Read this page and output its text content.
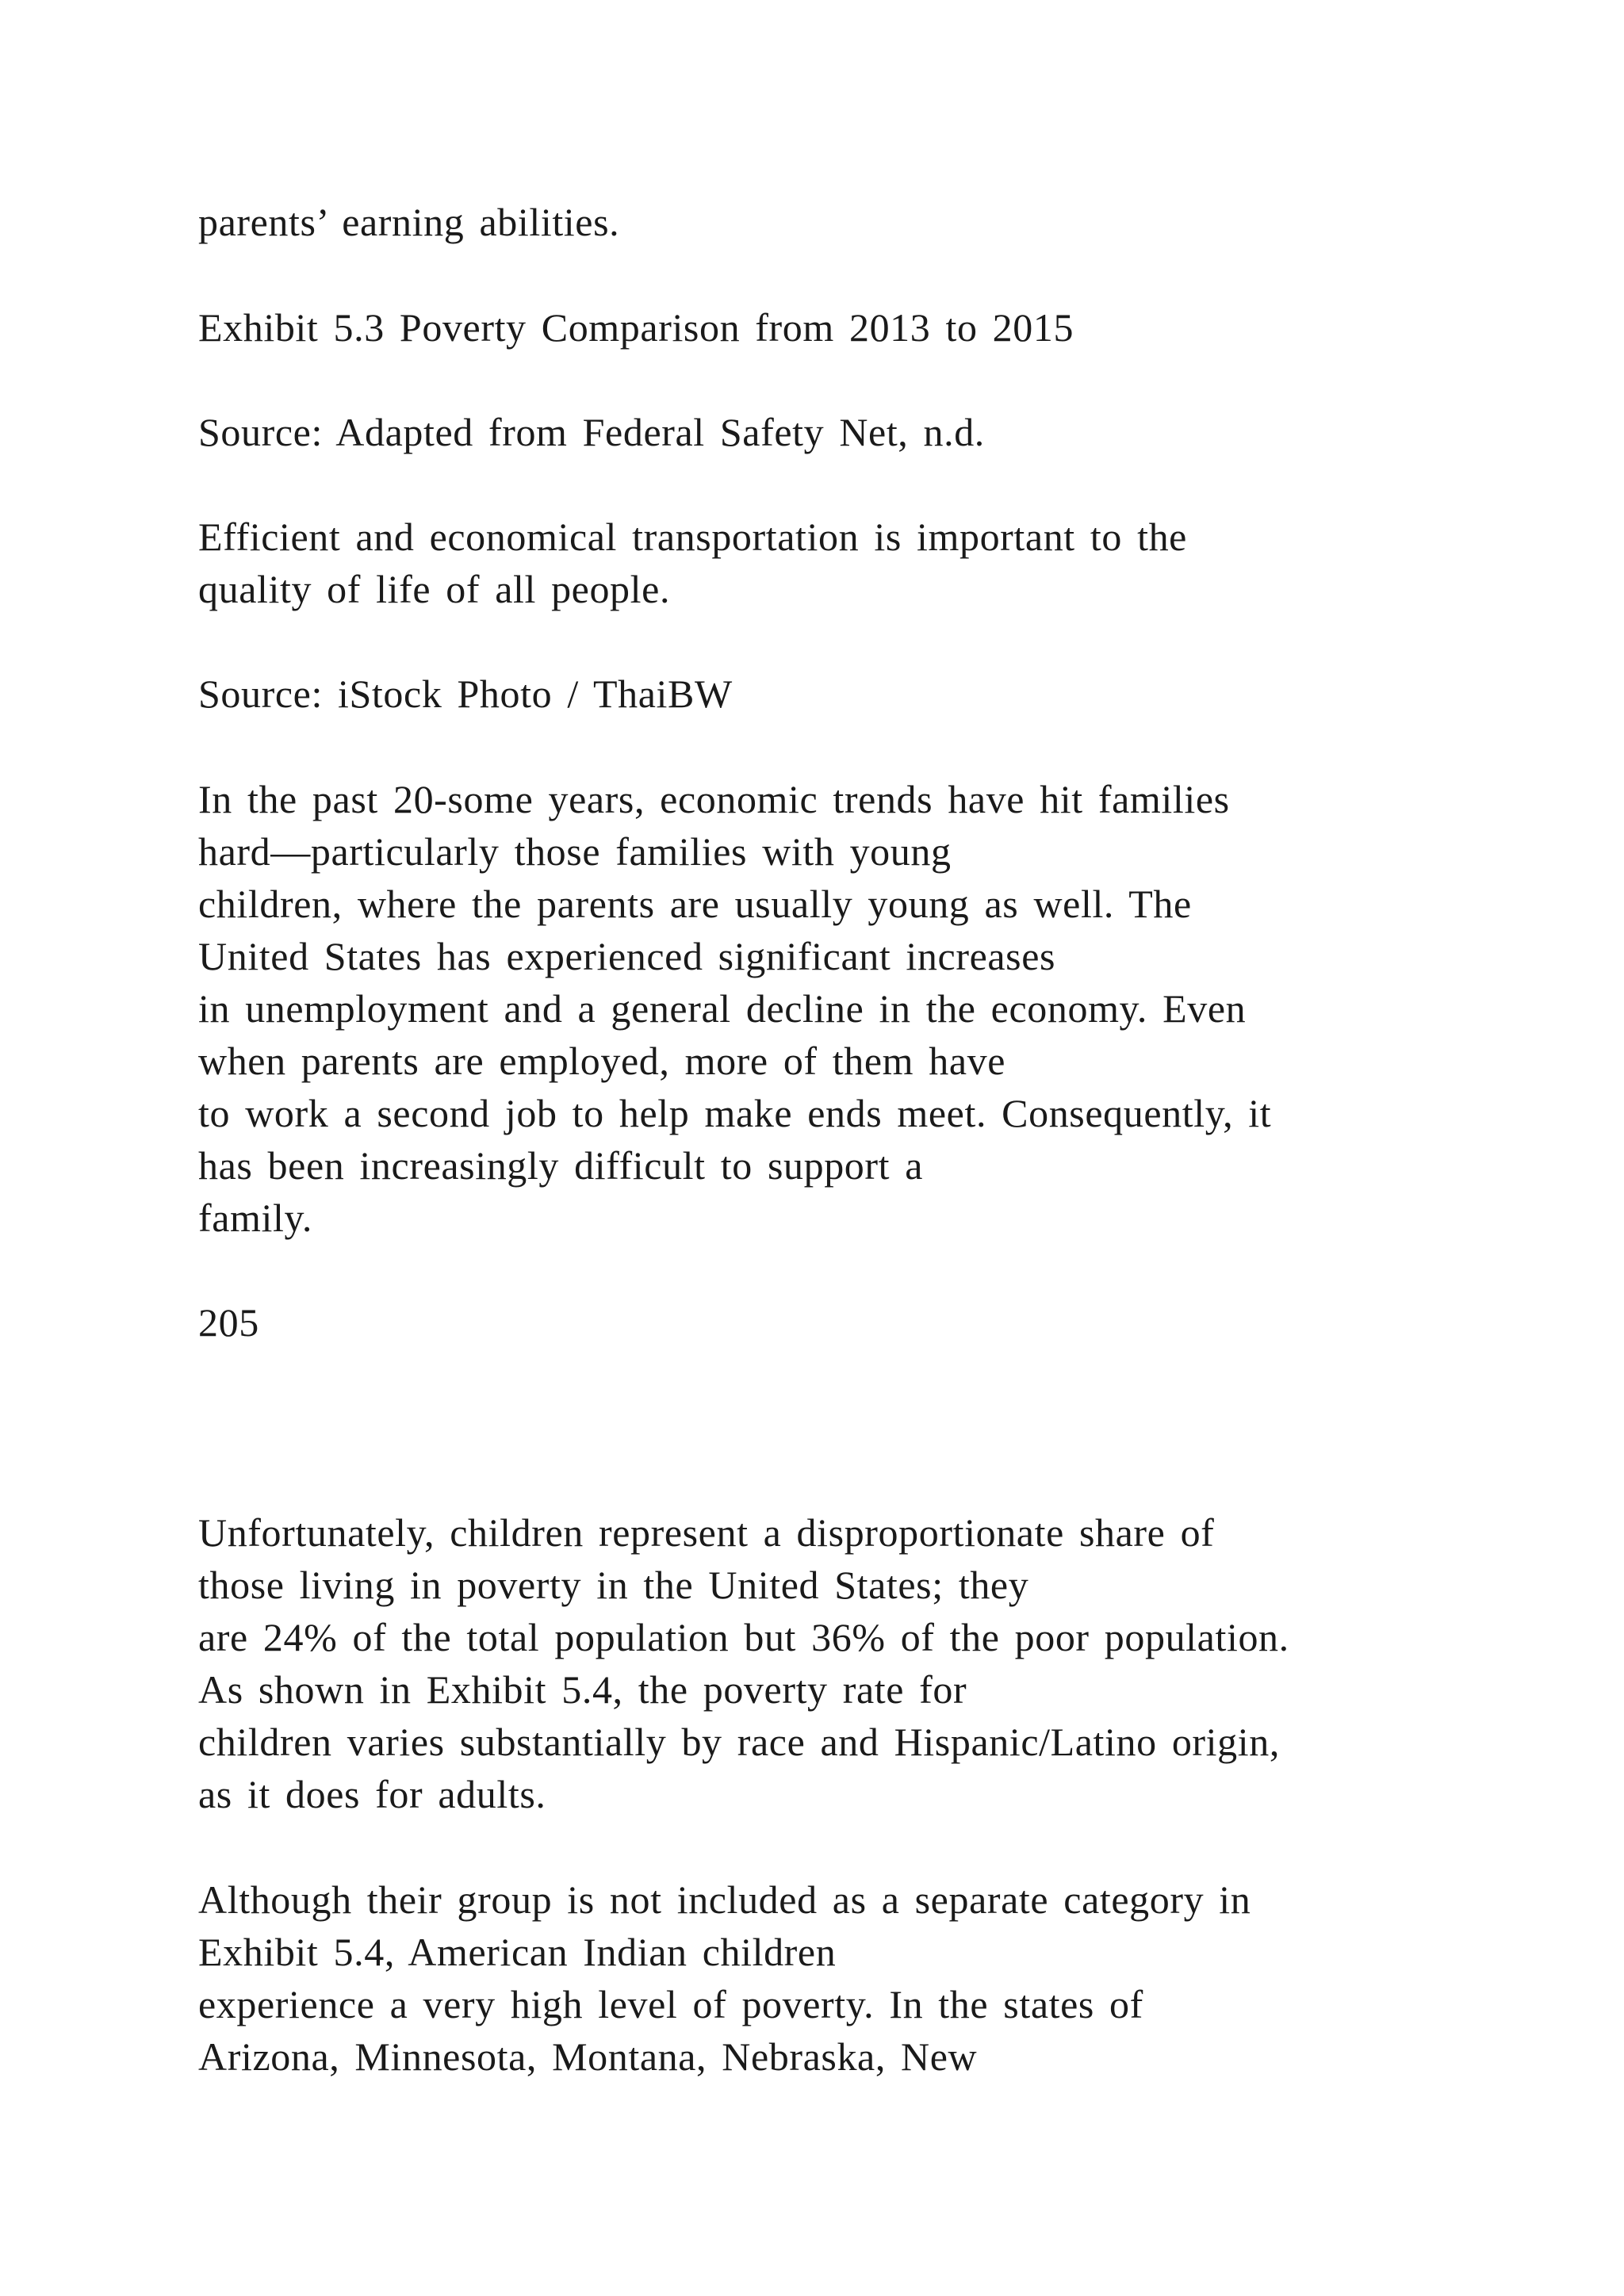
parents’ earning abilities.

Exhibit 5.3 Poverty Comparison from 2013 to 2015

Source: Adapted from Federal Safety Net, n.d.

Efficient and economical transportation is important to the

quality of life of all people.

Source: iStock Photo / ThaiBW

In the past 20-some years, economic trends have hit families

hard—particularly those families with young

children, where the parents are usually young as well. The

United States has experienced significant increases

in unemployment and a general decline in the economy. Even

when parents are employed, more of them have

to work a second job to help make ends meet. Consequently, it

has been increasingly difficult to support a

family.

205

Unfortunately, children represent a disproportionate share of

those living in poverty in the United States; they

are 24% of the total population but 36% of the poor population.

As shown in Exhibit 5.4, the poverty rate for

children varies substantially by race and Hispanic/Latino origin,

as it does for adults.

Although their group is not included as a separate category in

Exhibit 5.4, American Indian children

experience a very high level of poverty. In the states of

Arizona, Minnesota, Montana, Nebraska, New
